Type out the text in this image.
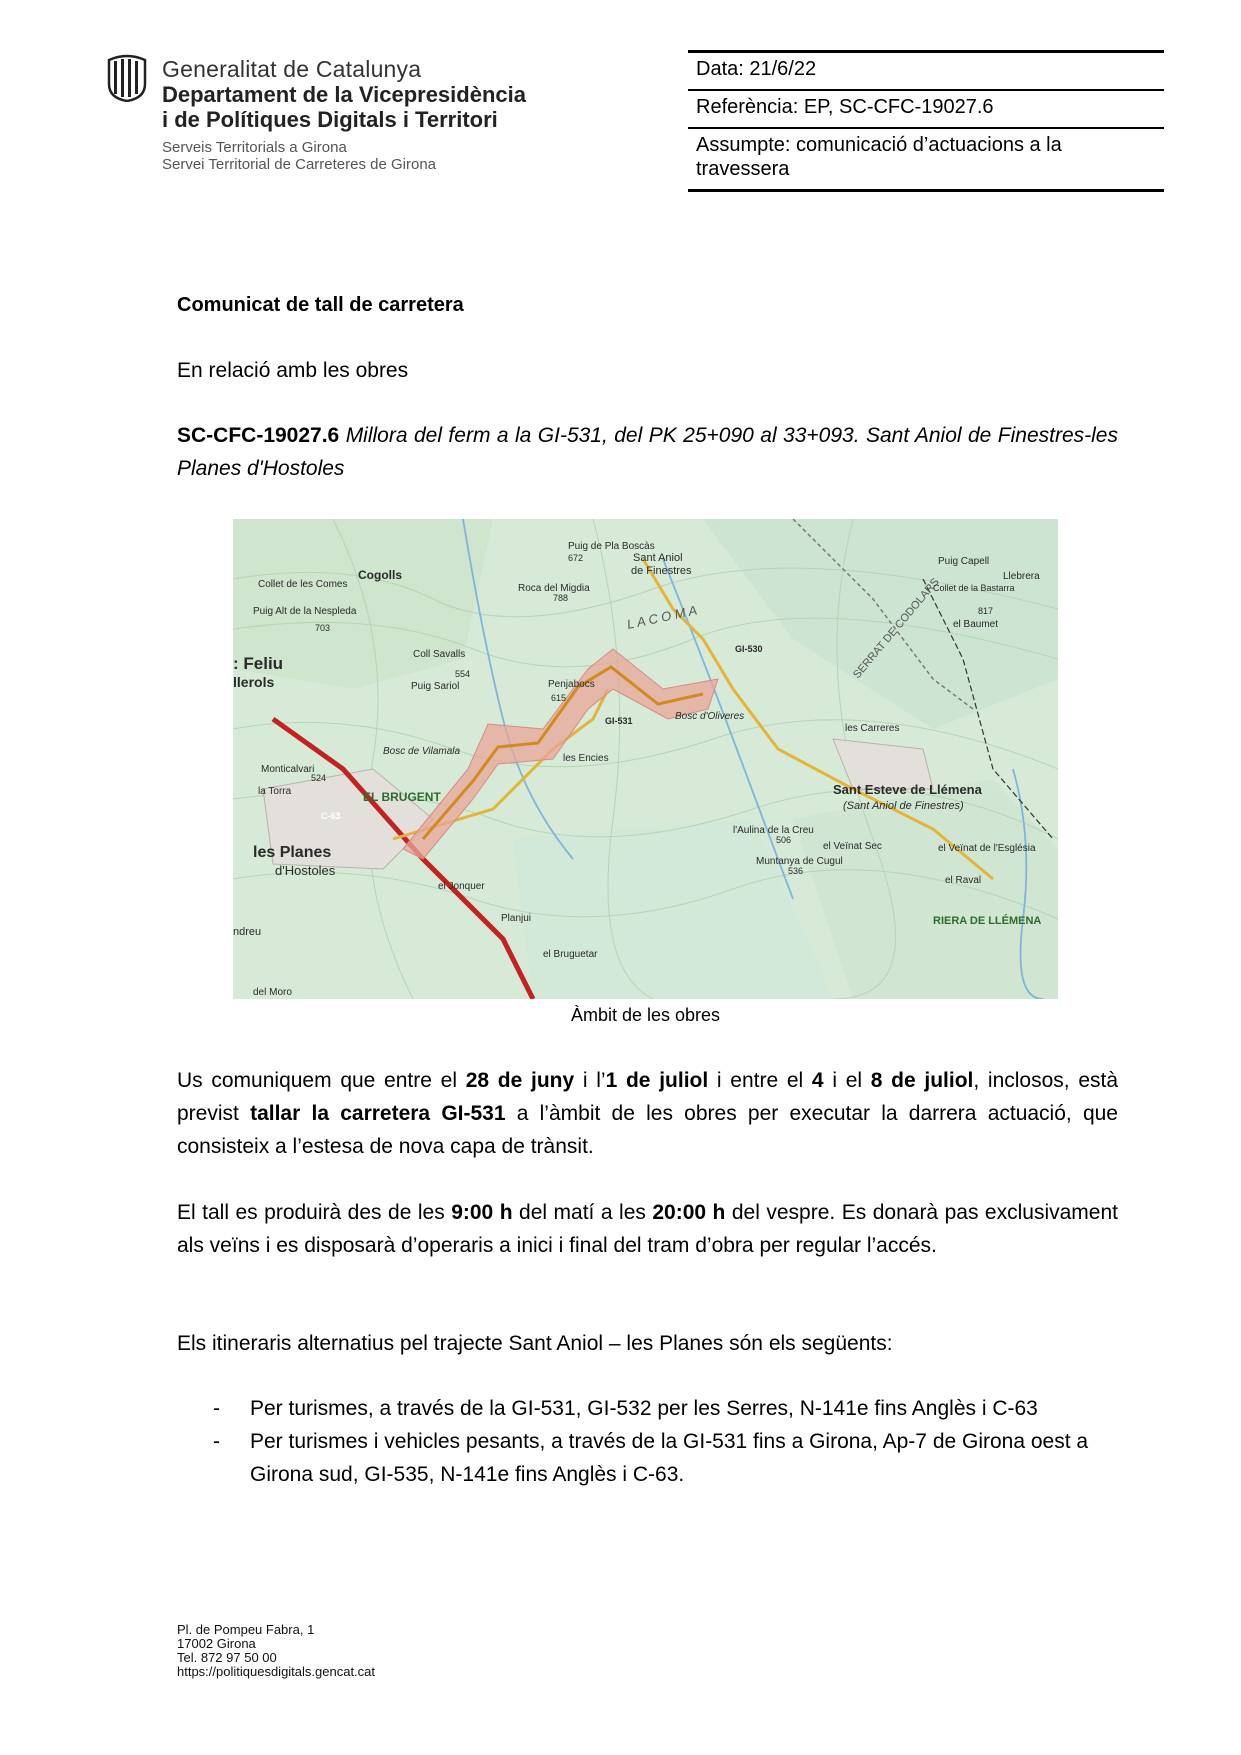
Generalitat de Catalunya
Departament de la Vicepresidència
i de Polítiques Digitals i Territori
Serveis Territorials a Girona
Servei Territorial de Carreteres de Girona
Data: 21/6/22
Referència: EP, SC-CFC-19027.6
Assumpte: comunicació d’actuacions a la travessera
Comunicat de tall de carretera
En relació amb les obres
SC-CFC-19027.6 Millora del ferm a la GI-531, del PK 25+090 al 33+093. Sant Aniol de Finestres-les Planes d'Hostoles
les Planes
d'Hostoles
: Feliu
llerols
EL BRUGENT	Sant Esteve de Llémena
(Sant Aniol de Finestres)
Sant Aniol
de Finestres
L A C O M A	SERRAT DE CODOLARS
Cogolls
Penjabocs
les Encies
Bosc d'Oliveres
Bosc de Vilamala
Roca del Migdia
Puig de Pla Boscàs
Coll Savalls
Puig Sariol
Monticalvari
la Torra
el Jonquer
Planjui
el Bruguetar
l'Aulina de la Creu
Muntanya de Cugul
el Veïnat Sec	el Veïnat de l'Església
el Raval
RIERA DE LLÉMENA
les Carreres
Puig Capell
Collet de la Bastarra
el Baumet
Llebrera
Puig Alt de la Nespleda
Collet de les Comes
ndreu
del Moro
GI-531
GI-530
C-63
703
672
788
554
615
524
506
536
817
Àmbit de les obres
Us comuniquem que entre el 28 de juny i l’1 de juliol i entre el 4 i el 8 de juliol, inclosos, està previst tallar la carretera GI-531 a l’àmbit de les obres per executar la darrera actuació, que consisteix a l’estesa de nova capa de trànsit.
El tall es produirà des de les 9:00 h del matí a les 20:00 h del vespre. Es donarà pas exclusivament als veïns i es disposarà d’operaris a inici i final del tram d’obra per regular l’accés.
Els itineraris alternatius pel trajecte Sant Aniol – les Planes són els següents:
- Per turismes, a través de la GI-531, GI-532 per les Serres, N-141e fins Anglès i C-63
- Per turismes i vehicles pesants, a través de la GI-531 fins a Girona, Ap-7 de Girona oest a Girona sud, GI-535, N-141e fins Anglès i C-63.
Pl. de Pompeu Fabra, 1
17002 Girona
Tel. 872 97 50 00
https://politiquesdigitals.gencat.cat
